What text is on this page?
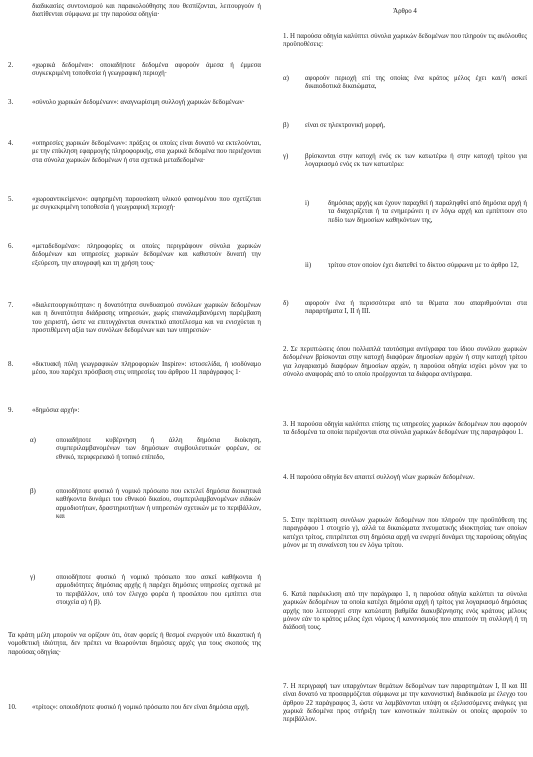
διαδικασίες συντονισμού και παρακολούθησης που θεσπίζονται, λειτουργούν ή διατίθενται σύμφωνα με την παρούσα οδηγία·
2.	«χωρικά δεδομένα»: οποιαδήποτε δεδομένα αφορούν άμεσα ή έμμεσα συγκεκριμένη τοποθεσία ή γεωγραφική περιοχή·
3.	«σύνολο χωρικών δεδομένων»: αναγνωρίσιμη συλλογή χωρικών δεδομένων·
4.	«υπηρεσίες χωρικών δεδομένων»: πράξεις οι οποίες είναι δυνατό να εκτελούνται, με την επίκληση εφαρμογής πληροφορικής, στα χωρικά δεδομένα που περιέχονται στα σύνολα χωρικών δεδομένων ή στα σχετικά μεταδεδομένα·
5.	«χωροαντικείμενο»: αφηρημένη παρουσίαση υλικού φαινομένου που σχετίζεται με συγκεκριμένη τοποθεσία ή γεωγραφική περιοχή·
6.	«μεταδεδομένα»: πληροφορίες οι οποίες περιγράφουν σύνολα χωρικών δεδομένων και υπηρεσίες χωρικών δεδομένων και καθιστούν δυνατή την εξεύρεση, την απογραφή και τη χρήση τους·
7.	«διαλειτουργικότητα»: η δυνατότητα συνδυασμού συνόλων χωρικών δεδομένων και η δυνατότητα διάδρασης υπηρεσιών, χωρίς επαναλαμβανόμενη παρέμβαση του χειριστή, ώστε να επιτυγχάνεται συνεκτικό αποτέλεσμα και να ενισχύεται η προστιθέμενη αξία των συνόλων δεδομένων και των υπηρεσιών·
8.	«δικτυακή πύλη γεωγραφικών πληροφοριών Inspire»: ιστοσελίδα, ή ισοδύναμο μέσο, που παρέχει πρόσβαση στις υπηρεσίες του άρθρου 11 παράγραφος 1·
9.	«δημόσια αρχή»:
α)	οποιαδήποτε κυβέρνηση ή άλλη δημόσια διοίκηση, συμπεριλαμβανομένων των δημόσιων συμβουλευτικών φορέων, σε εθνικό, περιφερειακό ή τοπικό επίπεδο,
β)	οποιοδήποτε φυσικό ή νομικό πρόσωπο που εκτελεί δημόσια διοικητικά καθήκοντα δυνάμει του εθνικού δικαίου, συμπεριλαμβανομένων ειδικών αρμοδιοτήτων, δραστηριοτήτων ή υπηρεσιών σχετικών με το περιβάλλον, και
γ)	οποιοδήποτε φυσικό ή νομικό πρόσωπο που ασκεί καθήκοντα ή αρμοδιότητες δημόσιας αρχής ή παρέχει δημόσιες υπηρεσίες σχετικά με το περιβάλλον, υπό τον έλεγχο φορέα ή προσώπου που εμπίπτει στα στοιχεία α) ή β).
Τα κράτη μέλη μπορούν να ορίζουν ότι, όταν φορείς ή θεσμοί ενεργούν υπό δικαστική ή νομοθετική ιδιότητα, δεν πρέπει να θεωρούνται δημόσιες αρχές για τους σκοπούς της παρούσας οδηγίας·
10. «τρίτος»: οποιοδήποτε φυσικό ή νομικό πρόσωπο που δεν είναι δημόσια αρχή.
Άρθρο 4
1. Η παρούσα οδηγία καλύπτει σύνολα χωρικών δεδομένων που πληρούν τις ακόλουθες προϋποθέσεις:
α) αφορούν περιοχή επί της οποίας ένα κράτος μέλος έχει και/ή ασκεί δικαιοδοτικά δικαιώματα,
β) είναι σε ηλεκτρονική μορφή,
γ) βρίσκονται στην κατοχή ενός εκ των κατωτέρω ή στην κατοχή τρίτου για λογαριασμό ενός εκ των κατωτέρω:
i)	δημόσιας αρχής και έχουν παραχθεί ή παραληφθεί από δημόσια αρχή ή τα διαχειρίζεται ή τα ενημερώνει η εν λόγω αρχή και εμπίπτουν στο πεδίο των δημοσίων καθηκόντων της,
ii) τρίτου στον οποίον έχει διατεθεί το δίκτυο σύμφωνα με το άρθρο 12,
δ) αφορούν ένα ή περισσότερα από τα θέματα που απαριθμούνται στα παραρτήματα I, II ή III.
2. Σε περιπτώσεις όπου πολλαπλά ταυτόσημα αντίγραφα του ίδιου συνόλου χωρικών δεδομένων βρίσκονται στην κατοχή διαφόρων δημοσίων αρχών ή στην κατοχή τρίτου για λογαριασμό διαφόρων δημοσίων αρχών, η παρούσα οδηγία ισχύει μόνον για το σύνολο αναφοράς από το οποίο προέρχονται τα διάφορα αντίγραφα.
3. Η παρούσα οδηγία καλύπτει επίσης τις υπηρεσίες χωρικών δεδομένων που αφορούν τα δεδομένα τα οποία περιέχονται στα σύνολα χωρικών δεδομένων της παραγράφου 1.
4. Η παρούσα οδηγία δεν απαιτεί συλλογή νέων χωρικών δεδομένων.
5. Στην περίπτωση συνόλων χωρικών δεδομένων που πληρούν την προϋπόθεση της παραγράφου 1 στοιχείο γ), αλλά τα δικαιώματα πνευματικής ιδιοκτησίας των οποίων κατέχει τρίτος, επιτρέπεται στη δημόσια αρχή να ενεργεί δυνάμει της παρούσας οδηγίας μόνον με τη συναίνεση του εν λόγω τρίτου.
6. Κατά παρέκκλιση από την παράγραφο 1, η παρούσα οδηγία καλύπτει τα σύνολα χωρικών δεδομένων τα οποία κατέχει δημόσια αρχή ή τρίτος για λογαριασμό δημόσιας αρχής που λειτουργεί στην κατώτατη βαθμίδα διακυβέρνησης ενός κράτους μέλους μόνον εάν το κράτος μέλος έχει νόμους ή κανονισμούς που απαιτούν τη συλλογή ή τη διάδοσή τους.
7. Η περιγραφή των υπαρχόντων θεμάτων δεδομένων των παραρτημάτων I, II και III είναι δυνατό να προσαρμόζεται σύμφωνα με την κανονιστική διαδικασία με έλεγχο του άρθρου 22 παράγραφος 3, ώστε να λαμβάνονται υπόψη οι εξελισσόμενες ανάγκες για χωρικά δεδομένα προς στήριξη των κοινοτικών πολιτικών οι οποίες αφορούν το περιβάλλον.
